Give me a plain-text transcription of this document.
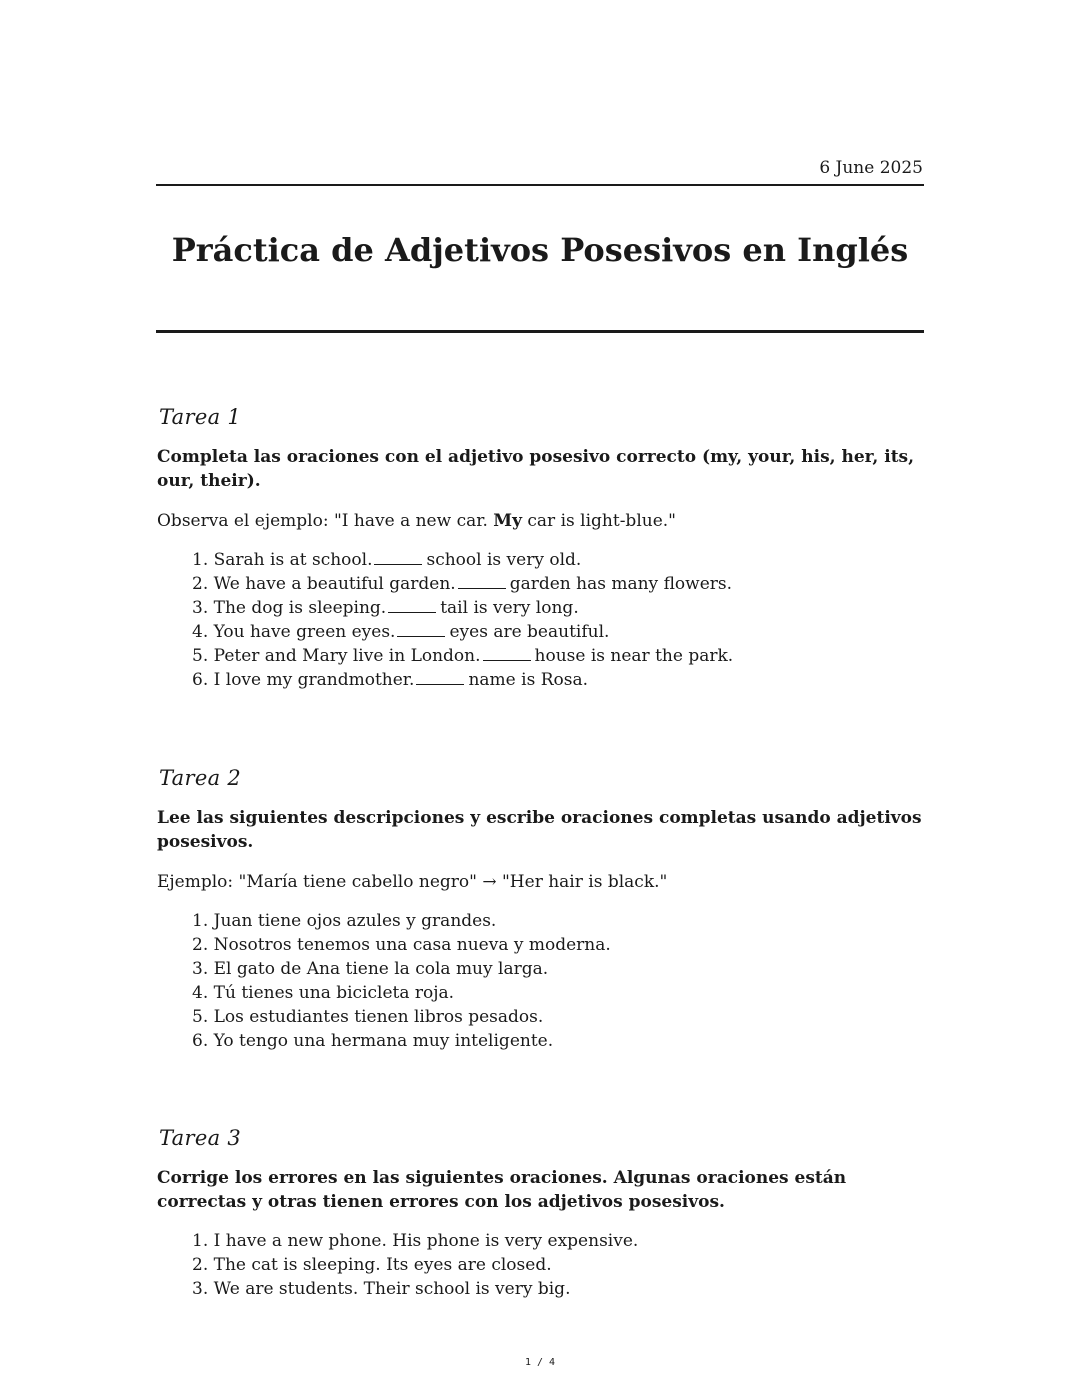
6 June 2025
Práctica de Adjetivos Posesivos en Inglés
Tarea 1

Completa las oraciones con el adjetivo posesivo correcto (my, your, his, her, its, our, their).

Observa el ejemplo: "I have a new car. My car is light-blue."

1. Sarah is at school.	school is very old.
2. We have a beautiful garden.	garden has many flowers.
3. The dog is sleeping.	tail is very long.
4. You have green eyes.	eyes are beautiful.
5. Peter and Mary live in London.	house is near the park.
6. I love my grandmother.	name is Rosa.
Tarea 2

Lee las siguientes descripciones y escribe oraciones completas usando adjetivos posesivos.

Ejemplo: "María tiene cabello negro" → "Her hair is black."

1. Juan tiene ojos azules y grandes.
2. Nosotros tenemos una casa nueva y moderna.
3. El gato de Ana tiene la cola muy larga.
4. Tú tienes una bicicleta roja.
5. Los estudiantes tienen libros pesados.
6. Yo tengo una hermana muy inteligente.
Tarea 3

Corrige los errores en las siguientes oraciones. Algunas oraciones están correctas y otras tienen errores con los adjetivos posesivos.

1. I have a new phone. His phone is very expensive.
2. The cat is sleeping. Its eyes are closed.
3. We are students. Their school is very big.
1 / 4
